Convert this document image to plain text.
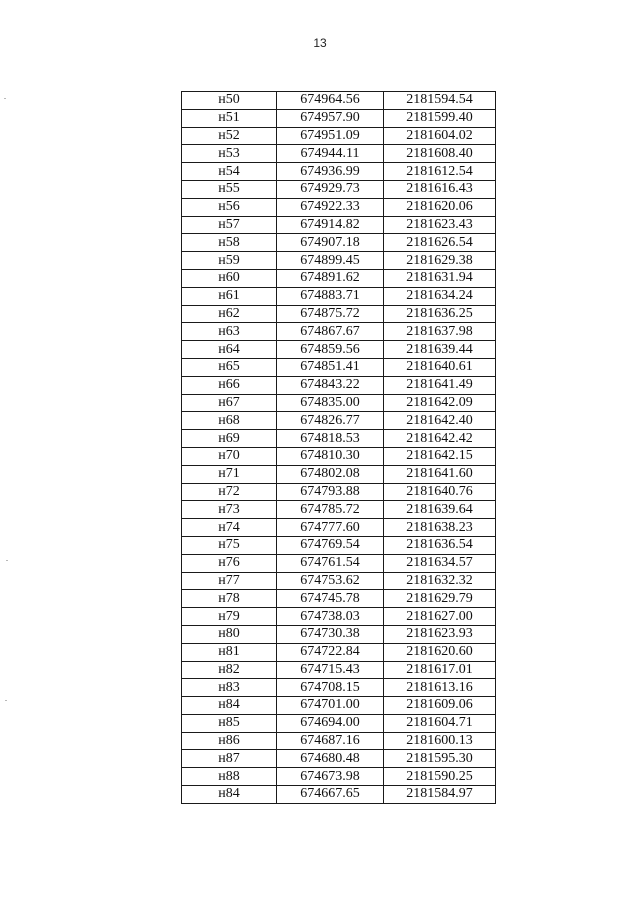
13
н50	674964.56	2181594.54
н51	674957.90	2181599.40
н52	674951.09	2181604.02
н53	674944.11	2181608.40
н54	674936.99	2181612.54
н55	674929.73	2181616.43
н56	674922.33	2181620.06
н57	674914.82	2181623.43
н58	674907.18	2181626.54
н59	674899.45	2181629.38
н60	674891.62	2181631.94
н61	674883.71	2181634.24
н62	674875.72	2181636.25
н63	674867.67	2181637.98
н64	674859.56	2181639.44
н65	674851.41	2181640.61
н66	674843.22	2181641.49
н67	674835.00	2181642.09
н68	674826.77	2181642.40
н69	674818.53	2181642.42
н70	674810.30	2181642.15
н71	674802.08	2181641.60
н72	674793.88	2181640.76
н73	674785.72	2181639.64
н74	674777.60	2181638.23
н75	674769.54	2181636.54
н76	674761.54	2181634.57
н77	674753.62	2181632.32
н78	674745.78	2181629.79
н79	674738.03	2181627.00
н80	674730.38	2181623.93
н81	674722.84	2181620.60
н82	674715.43	2181617.01
н83	674708.15	2181613.16
н84	674701.00	2181609.06
н85	674694.00	2181604.71
н86	674687.16	2181600.13
н87	674680.48	2181595.30
н88	674673.98	2181590.25
н84	674667.65	2181584.97
